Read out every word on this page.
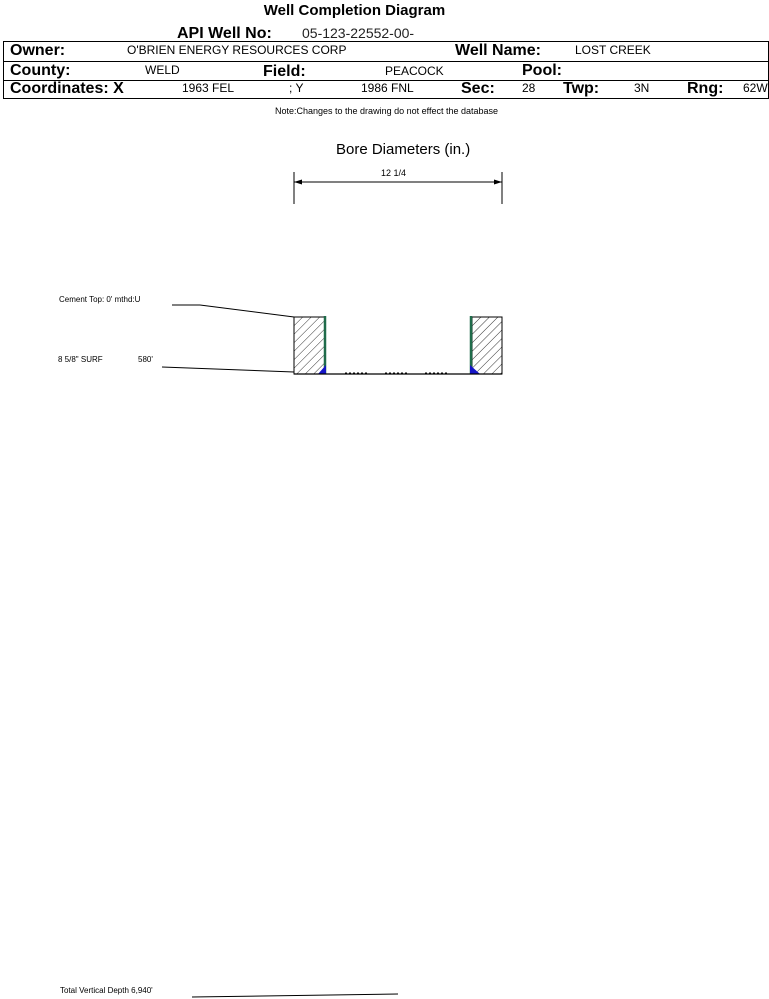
Well Completion Diagram
API Well No: 05-123-22552-00-
Owner:	O'BRIEN ENERGY RESOURCES CORP	Well Name:	LOST CREEK
County:	WELD	Field:	PEACOCK	Pool:
Coordinates: X	1963 FEL	; Y	1986 FNL	Sec: 28 Twp:	3N Rng: 62W
Note:Changes to the drawing do not effect the database
Bore Diameters (in.)
12 1/4
Cement Top: 0' mthd:U
8 5/8" SURF	580'
Total Vertical Depth 6,940'
